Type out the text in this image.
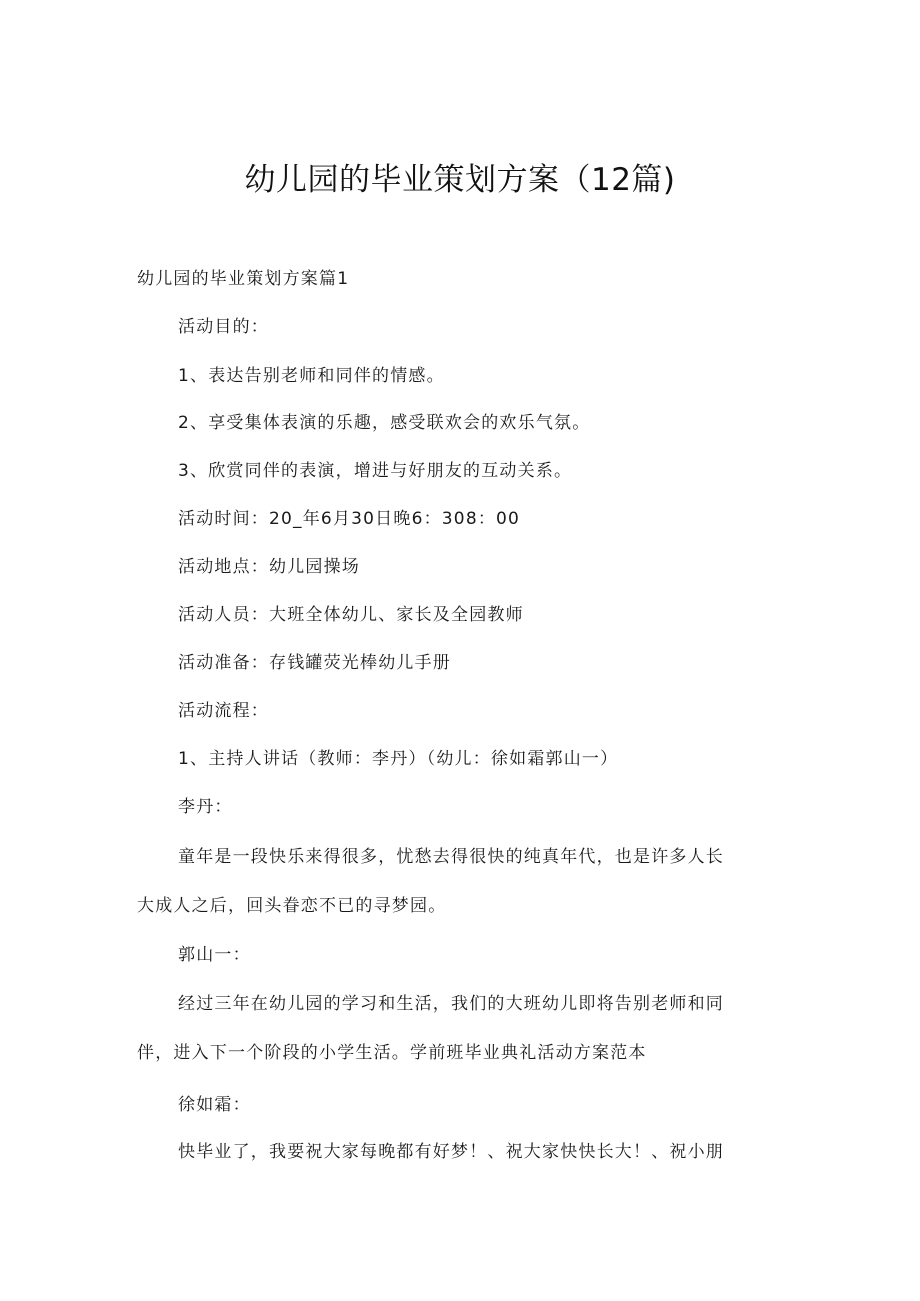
幼儿园的毕业策划方案（12篇)

幼儿园的毕业策划方案篇1

活动目的：

1、表达告别老师和同伴的情感。

2、享受集体表演的乐趣，感受联欢会的欢乐气氛。

3、欣赏同伴的表演，增进与好朋友的互动关系。

活动时间：20_年6月30日晚6：308：00

活动地点：幼儿园操场

活动人员：大班全体幼儿、家长及全园教师

活动准备：存钱罐荧光棒幼儿手册

活动流程：

1、主持人讲话（教师：李丹）（幼儿：徐如霜郭山一）

李丹：

童年是一段快乐来得很多，忧愁去得很快的纯真年代，也是许多人长

大成人之后，回头眷恋不已的寻梦园。

郭山一：

经过三年在幼儿园的学习和生活，我们的大班幼儿即将告别老师和同

伴，进入下一个阶段的小学生活。学前班毕业典礼活动方案范本

徐如霜：

快毕业了，我要祝大家每晚都有好梦！、祝大家快快长大！、祝小朋
